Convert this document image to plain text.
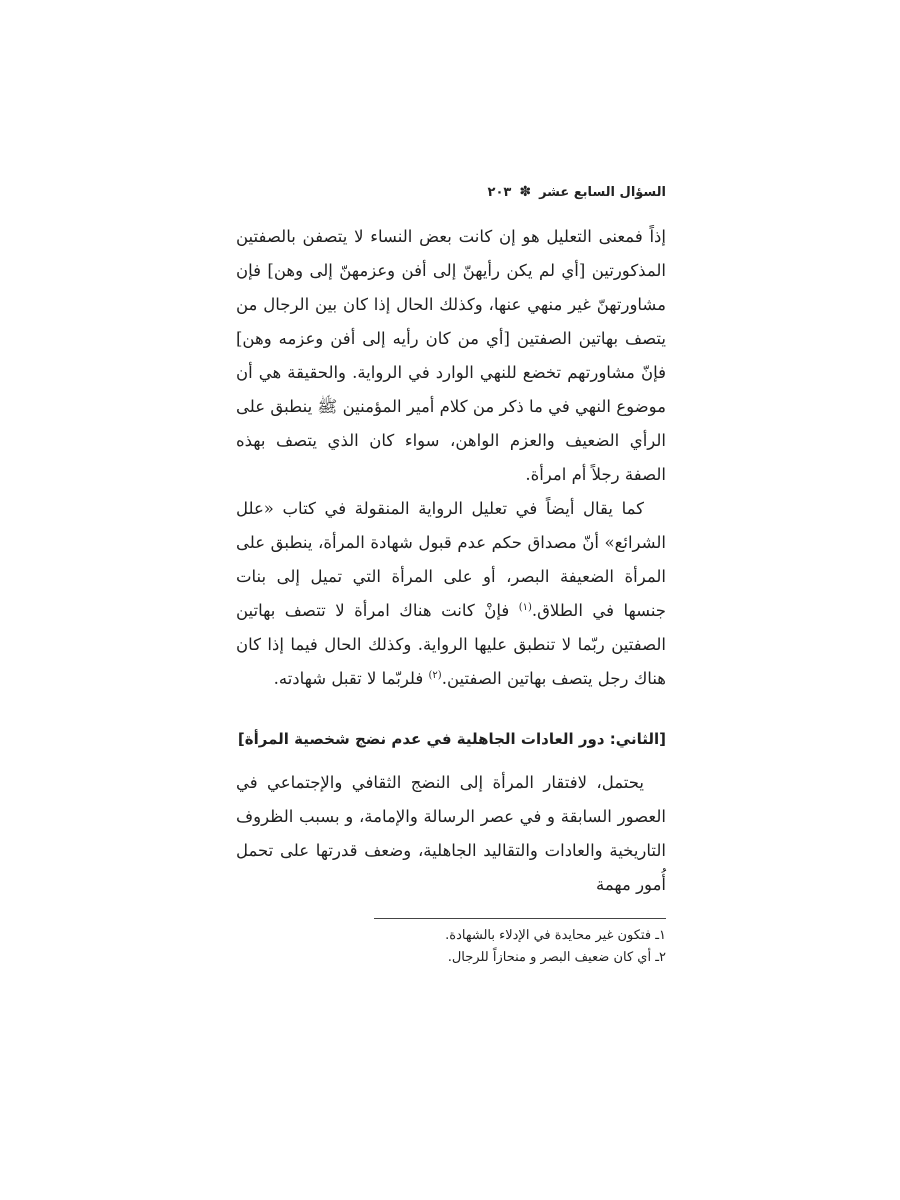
السؤال السابع عشر
✽
٢٠٣

إذاً فمعنى التعليل هو إن كانت بعض النساء لا يتصفن بالصفتين المذكورتين [أي لم يكن رأيهنّ إلى أفن وعزمهنّ إلى وهن] فإن مشاورتهنّ غير منهي عنها، وكذلك الحال إذا كان بين الرجال من يتصف بهاتين الصفتين [أي من كان رأيه إلى أفن وعزمه وهن] فإنّ مشاورتهم تخضع للنهي الوارد في الرواية. والحقيقة هي أن موضوع النهي في ما ذكر من كلام أمير المؤمنين ﷺ ينطبق على الرأي الضعيف والعزم الواهن، سواء كان الذي يتصف بهذه الصفة رجلاً أم امرأة.

كما يقال أيضاً في تعليل الرواية المنقولة في كتاب «علل الشرائع» أنّ مصداق حكم عدم قبول شهادة المرأة، ينطبق على المرأة الضعيفة البصر، أو على المرأة التي تميل إلى بنات جنسها في الطلاق.$^{(١)}$ فإنْ كانت هناك امرأة لا تتصف بهاتين الصفتين ربّما لا تنطبق عليها الرواية. وكذلك الحال فيما إذا كان هناك رجل يتصف بهاتين الصفتين.$^{(٢)}$ فلربّما لا تقبل شهادته.

[الثاني: دور العادات الجاهلية في عدم نضج شخصية المرأة]

يحتمل، لافتقار المرأة إلى النضج الثقافي والإجتماعي في العصور السابقة و في عصر الرسالة والإمامة، و بسبب الظروف التاريخية والعادات والتقاليد الجاهلية، وضعف قدرتها على تحمل أُمور مهمة

١ـ فتكون غير محايدة في الإدلاء بالشهادة.

٢ـ أي كان ضعيف البصر و منحازاً للرجال.
